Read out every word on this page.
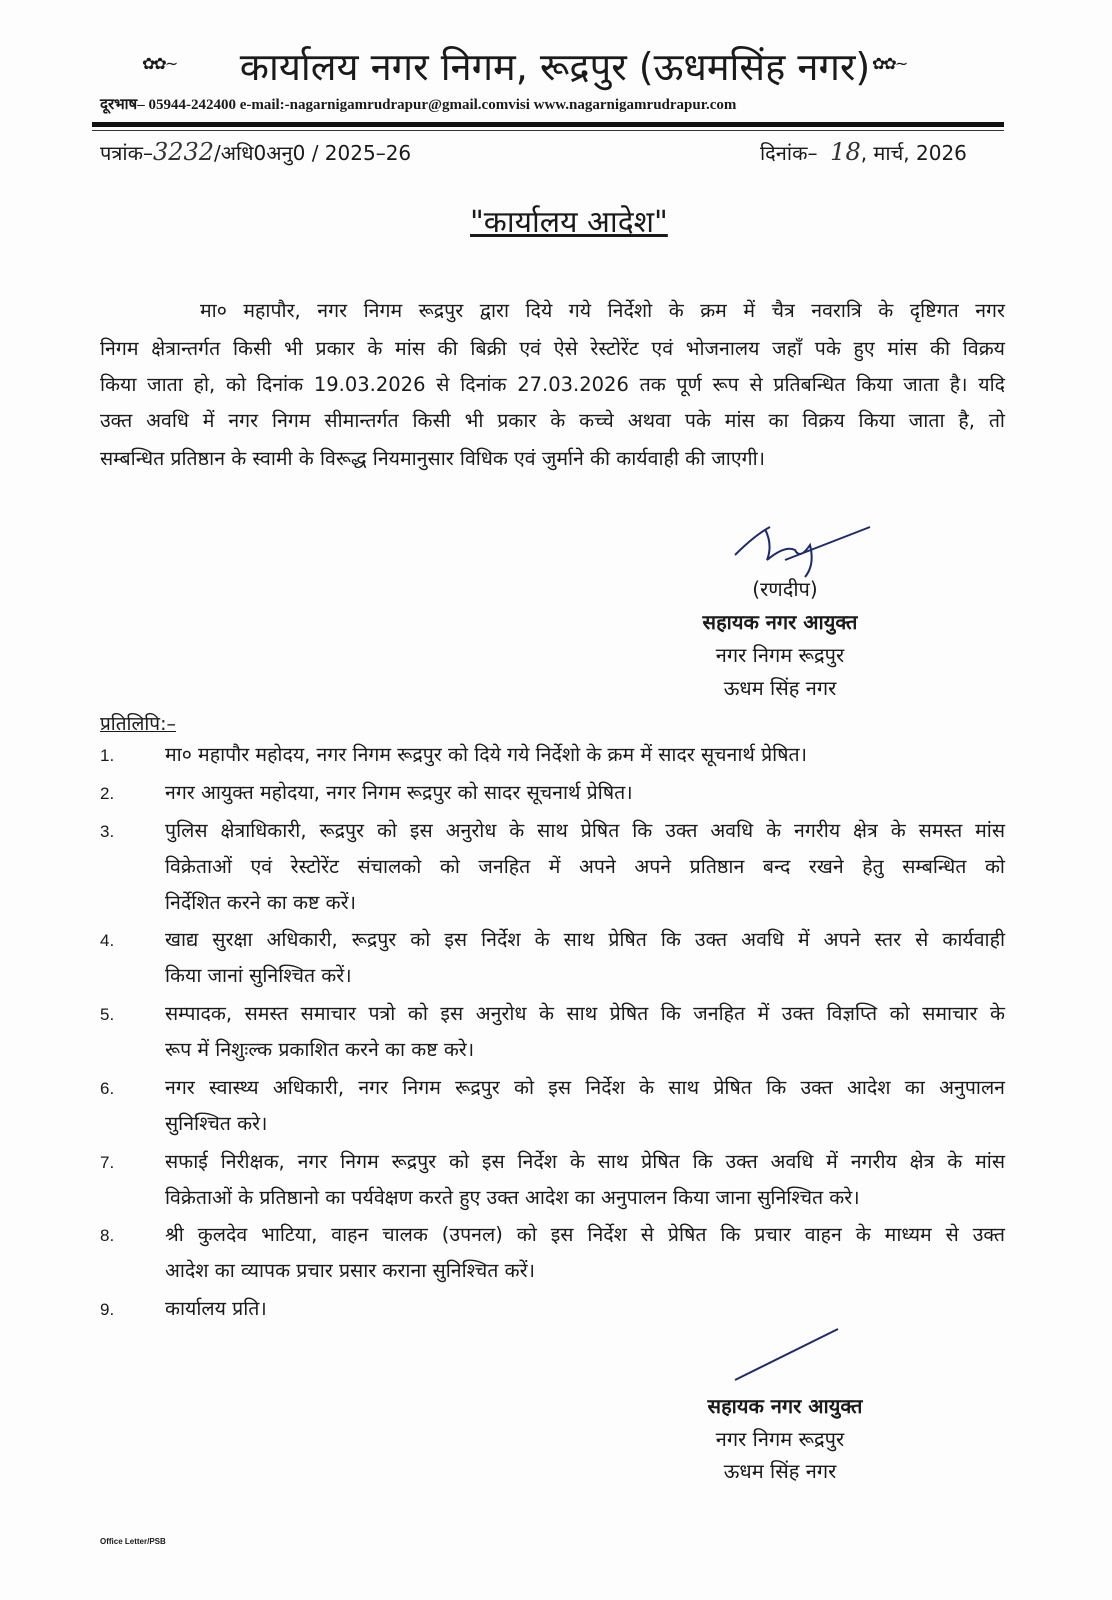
✿✿~	कार्यालय नगर निगम, रूद्रपुर (ऊधमसिंह नगर) ✿✿~
दूरभाष– 05944-242400 e-mail:-nagarnigamrudrapur@gmail.comvisi www.nagarnigamrudrapur.com
पत्रांक–3232/अधि0अनु0 / 2025–26	दिनांक– 18, मार्च, 2026
"कार्यालय आदेश"
मा० महापौर, नगर निगम रूद्रपुर द्वारा दिये गये निर्देशो के क्रम में चैत्र नवरात्रि के दृष्टिगत नगर
निगम क्षेत्रान्तर्गत किसी भी प्रकार के मांस की बिक्री एवं ऐसे रेस्टोरेंट एवं भोजनालय जहाँ पके हुए मांस की विक्रय
किया जाता हो, को दिनांक 19.03.2026 से दिनांक 27.03.2026 तक पूर्ण रूप से प्रतिबन्धित किया जाता है। यदि
उक्त अवधि में नगर निगम सीमान्तर्गत किसी भी प्रकार के कच्चे अथवा पके मांस का विक्रय किया जाता है, तो
सम्बन्धित प्रतिष्ठान के स्वामी के विरूद्ध नियमानुसार विधिक एवं जुर्माने की कार्यवाही की जाएगी।
(रणदीप)
सहायक नगर आयुक्त
नगर निगम रूद्रपुर
ऊधम सिंह नगर
प्रतिलिपि:–
1.	मा० महापौर महोदय, नगर निगम रूद्रपुर को दिये गये निर्देशो के क्रम में सादर सूचनार्थ प्रेषित।
2.	नगर आयुक्त महोदया, नगर निगम रूद्रपुर को सादर सूचनार्थ प्रेषित।
3.	पुलिस क्षेत्राधिकारी, रूद्रपुर को इस अनुरोध के साथ प्रेषित कि उक्त अवधि के नगरीय क्षेत्र के समस्त मांस
विक्रेताओं एवं रेस्टोरेंट संचालको को जनहित में अपने अपने प्रतिष्ठान बन्द रखने हेतु सम्बन्धित को
निर्देशित करने का कष्ट करें।
4.	खाद्य सुरक्षा अधिकारी, रूद्रपुर को इस निर्देश के साथ प्रेषित कि उक्त अवधि में अपने स्तर से कार्यवाही
किया जानां सुनिश्चित करें।
5.	सम्पादक, समस्त समाचार पत्रो को इस अनुरोध के साथ प्रेषित कि जनहित में उक्त विज्ञप्ति को समाचार के
रूप में निशुःल्क प्रकाशित करने का कष्ट करे।
6.	नगर स्वास्थ्य अधिकारी, नगर निगम रूद्रपुर को इस निर्देश के साथ प्रेषित कि उक्त आदेश का अनुपालन
सुनिश्चित करे।
7.	सफाई निरीक्षक, नगर निगम रूद्रपुर को इस निर्देश के साथ प्रेषित कि उक्त अवधि में नगरीय क्षेत्र के मांस
विक्रेताओं के प्रतिष्ठानो का पर्यवेक्षण करते हुए उक्त आदेश का अनुपालन किया जाना सुनिश्चित करे।
8.	श्री कुलदेव भाटिया, वाहन चालक (उपनल) को इस निर्देश से प्रेषित कि प्रचार वाहन के माध्यम से उक्त
आदेश का व्यापक प्रचार प्रसार कराना सुनिश्चित करें।
9.	कार्यालय प्रति।
सहायक नगर आयुक्त
नगर निगम रूद्रपुर
ऊधम सिंह नगर
Office Letter/PSB
